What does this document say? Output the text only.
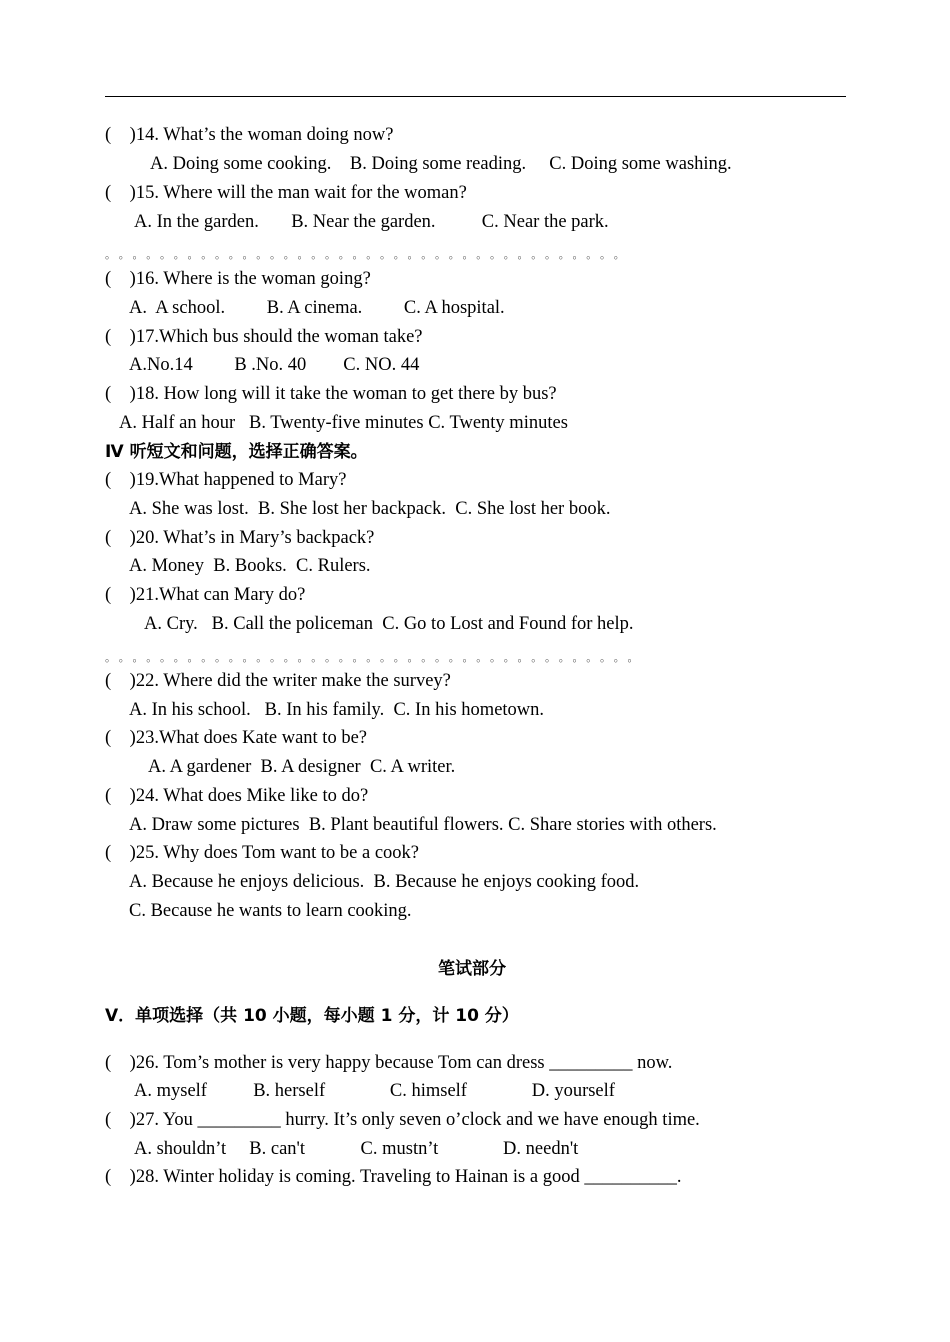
(    )14. What’s the woman doing now?
A. Doing some cooking.    B. Doing some reading.     C. Doing some washing.
(    )15. Where will the man wait for the woman?
A. In the garden.       B. Near the garden.          C. Near the park.
。 。 。 。 。 。 。 。 。 。 。 。 。 。 。 。 。 。 。 。 。 。 。 。 。 。 。 。 。 。 。 。 。 。 。 。 。 。
(    )16. Where is the woman going?
A.  A school.         B. A cinema.         C. A hospital.
(    )17.Which bus should the woman take?
A.No.14         B .No. 40        C. NO. 44
(    )18. How long will it take the woman to get there by bus?
A. Half an hour   B. Twenty-five minutes C. Twenty minutes
Ⅳ 听短文和问题，选择正确答案。
(    )19.What happened to Mary?
A. She was lost.  B. She lost her backpack.  C. She lost her book.
(    )20. What’s in Mary’s backpack?
A. Money  B. Books.  C. Rulers.
(    )21.What can Mary do?
A. Cry.   B. Call the policeman  C. Go to Lost and Found for help.
。 。 。 。 。 。 。 。 。 。 。 。 。 。 。 。 。 。 。 。 。 。 。 。 。 。 。 。 。 。 。 。 。 。 。 。 。 。 。
(    )22. Where did the writer make the survey?
A. In his school.   B. In his family.  C. In his hometown.
(    )23.What does Kate want to be?
A. A gardener  B. A designer  C. A writer.
(    )24. What does Mike like to do?
A. Draw some pictures  B. Plant beautiful flowers. C. Share stories with others.
(    )25. Why does Tom want to be a cook?
A. Because he enjoys delicious.  B. Because he enjoys cooking food.
C. Because he wants to learn cooking.
笔试部分
V．单项选择（共 10 小题，每小题 1 分，计 10 分）
(    )26. Tom’s mother is very happy because Tom can dress _________ now.
A. myself          B. herself              C. himself              D. yourself
(    )27. You _________ hurry. It’s only seven o’clock and we have enough time.
A. shouldn’t     B. can't            C. mustn’t              D. needn't
(    )28. Winter holiday is coming. Traveling to Hainan is a good __________.
